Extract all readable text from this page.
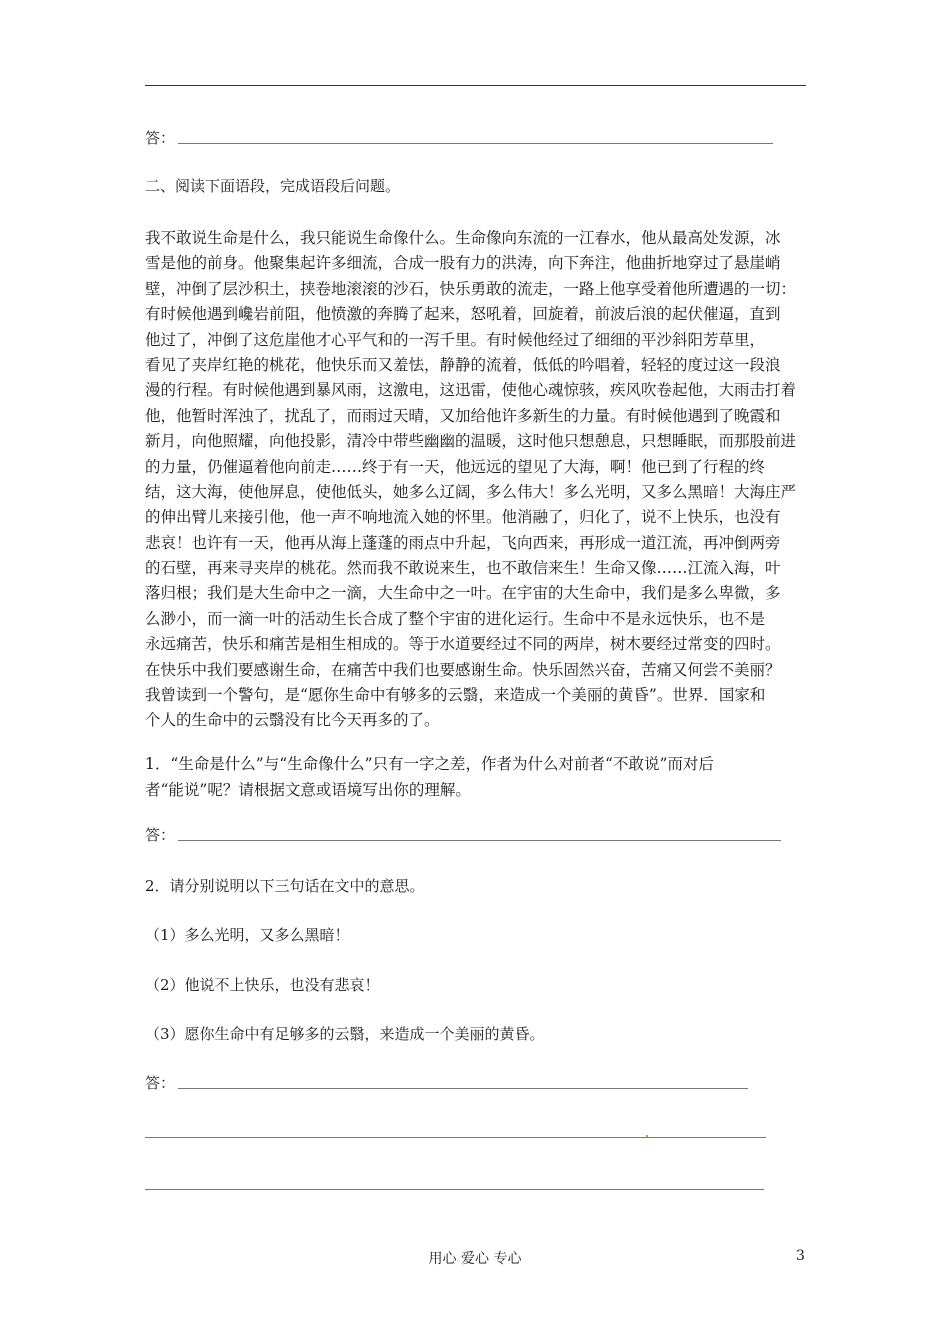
答：
二、阅读下面语段，完成语段后问题。
我不敢说生命是什么，我只能说生命像什么。生命像向东流的一江春水，他从最高处发源，冰
雪是他的前身。他聚集起许多细流，合成一股有力的洪涛，向下奔注，他曲折地穿过了悬崖峭
壁，冲倒了层沙积土，挟卷地滚滚的沙石，快乐勇敢的流走，一路上他享受着他所遭遇的一切：
有时候他遇到巉岩前阻，他愤激的奔腾了起来，怒吼着，回旋着，前波后浪的起伏催逼，直到
他过了，冲倒了这危崖他才心平气和的一泻千里。有时候他经过了细细的平沙斜阳芳草里，
看见了夹岸红艳的桃花，他快乐而又羞怯，静静的流着，低低的吟唱着，轻轻的度过这一段浪
漫的行程。有时候他遇到暴风雨，这激电，这迅雷，使他心魂惊骇，疾风吹卷起他，大雨击打着
他，他暂时浑浊了，扰乱了，而雨过天晴，又加给他许多新生的力量。有时候他遇到了晚霞和
新月，向他照耀，向他投影，清冷中带些幽幽的温暖，这时他只想憩息，只想睡眠，而那股前进
的力量，仍催逼着他向前走……终于有一天，他远远的望见了大海，啊！他已到了行程的终
结，这大海，使他屏息，使他低头，她多么辽阔，多么伟大！多么光明，又多么黑暗！大海庄严
的伸出臂儿来接引他，他一声不响地流入她的怀里。他消融了，归化了，说不上快乐，也没有
悲哀！也许有一天，他再从海上蓬蓬的雨点中升起，飞向西来，再形成一道江流，再冲倒两旁
的石壁，再来寻夹岸的桃花。然而我不敢说来生，也不敢信来生！生命又像……江流入海，叶
落归根；我们是大生命中之一滴，大生命中之一叶。在宇宙的大生命中，我们是多么卑微，多
么渺小，而一滴一叶的活动生长合成了整个宇宙的进化运行。生命中不是永远快乐，也不是
永远痛苦，快乐和痛苦是相生相成的。等于水道要经过不同的两岸，树木要经过常变的四时。
在快乐中我们要感谢生命，在痛苦中我们也要感谢生命。快乐固然兴奋，苦痛又何尝不美丽？
我曾读到一个警句，是“愿你生命中有够多的云翳，来造成一个美丽的黄昏”。世界．国家和
个人的生命中的云翳没有比今天再多的了。
1．“生命是什么”与“生命像什么”只有一字之差，作者为什么对前者“不敢说”而对后
者“能说”呢？请根据文意或语境写出你的理解。
答：
2．请分别说明以下三句话在文中的意思。
（1）多么光明，又多么黑暗！
（2）他说不上快乐，也没有悲哀！
（3）愿你生命中有足够多的云翳，来造成一个美丽的黄昏。
答：
用心 爱心 专心	3
